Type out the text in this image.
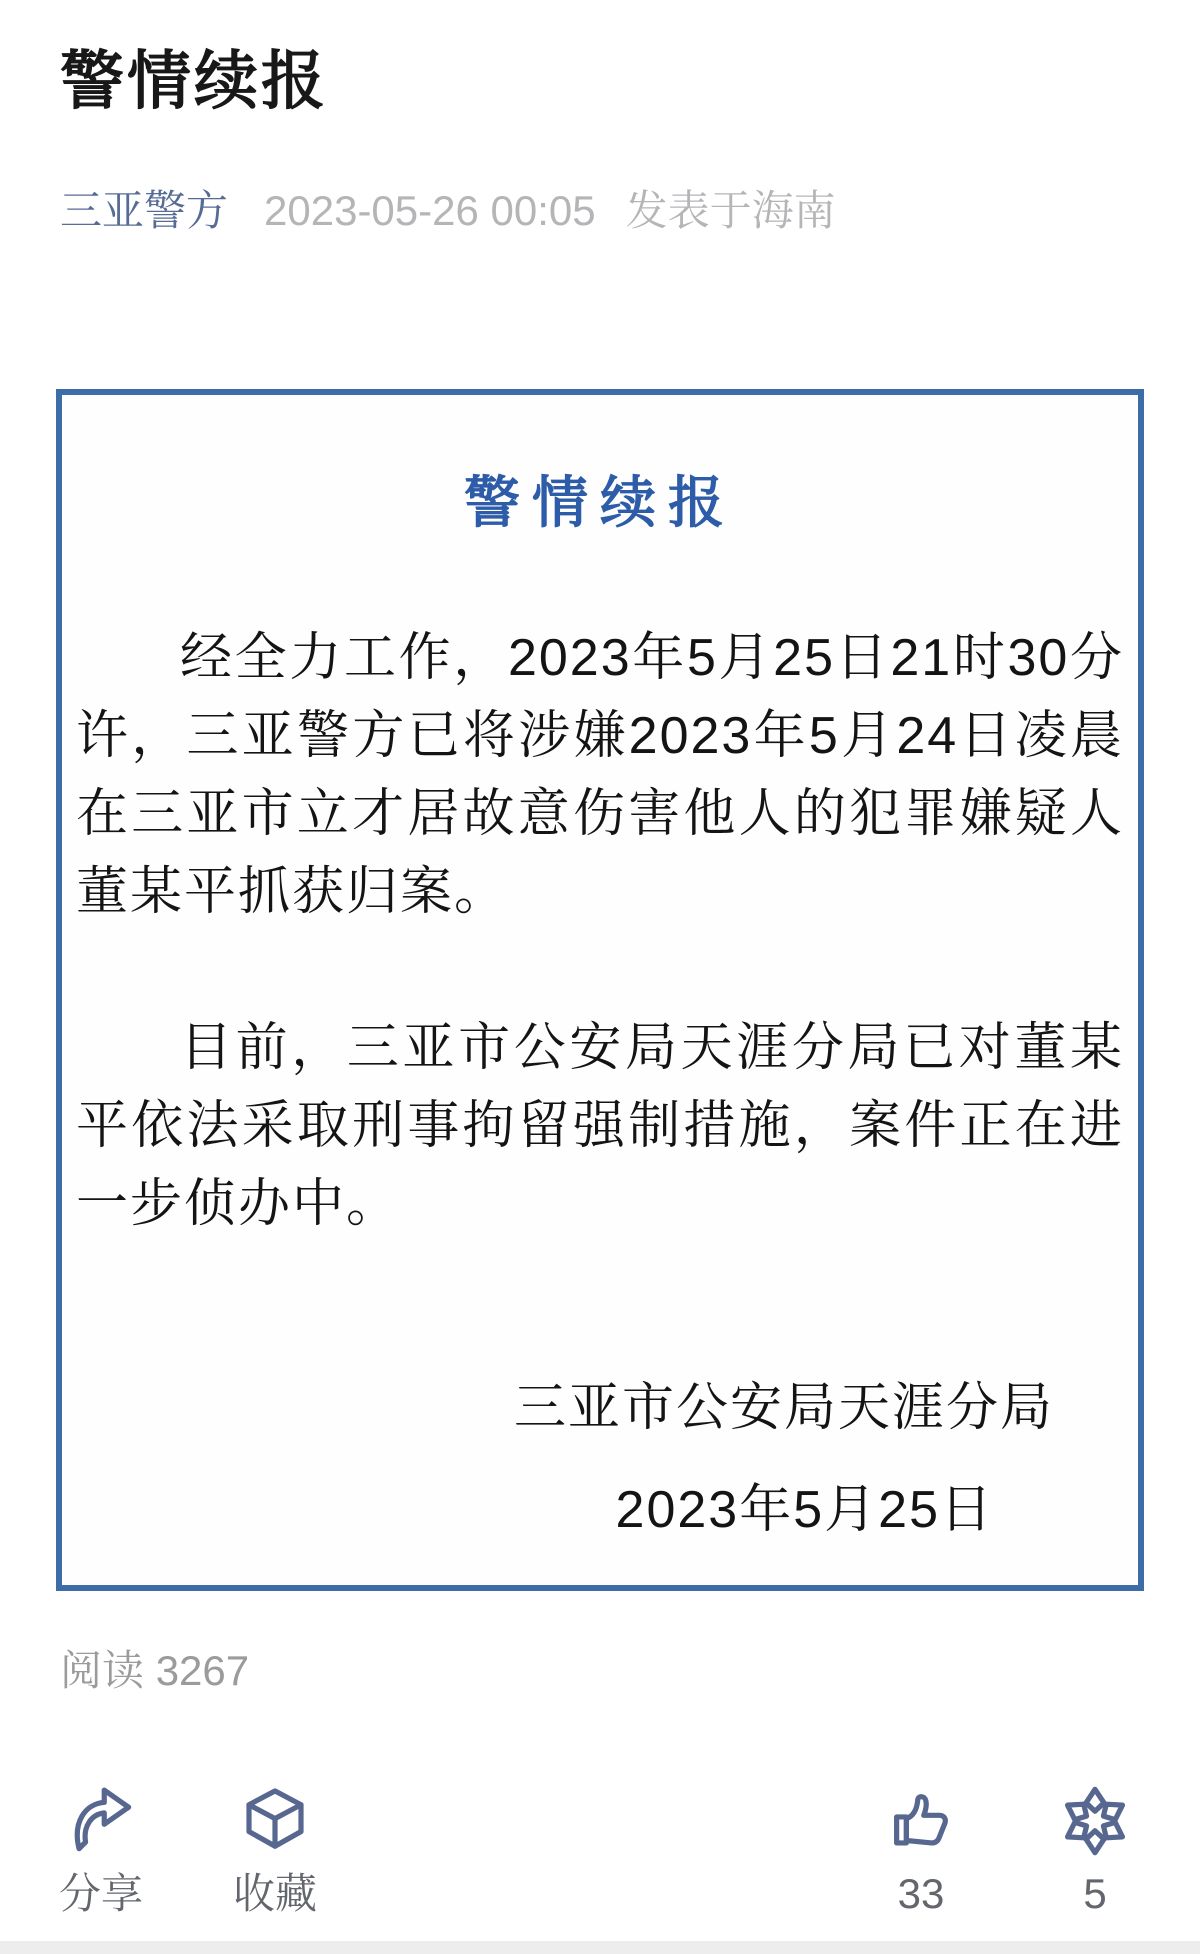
警情续报
三亚警方 2023-05-26 00:05 发表于海南
警情续报

经全力工作，2023年5月25日21时30分许，三亚警方已将涉嫌2023年5月24日凌晨在三亚市立才居故意伤害他人的犯罪嫌疑人董某平抓获归案。

目前，三亚市公安局天涯分局已对董某平依法采取刑事拘留强制措施，案件正在进一步侦办中。

三亚市公安局天涯分局
2023年5月25日
阅读 3267
分享 收藏	33	5
